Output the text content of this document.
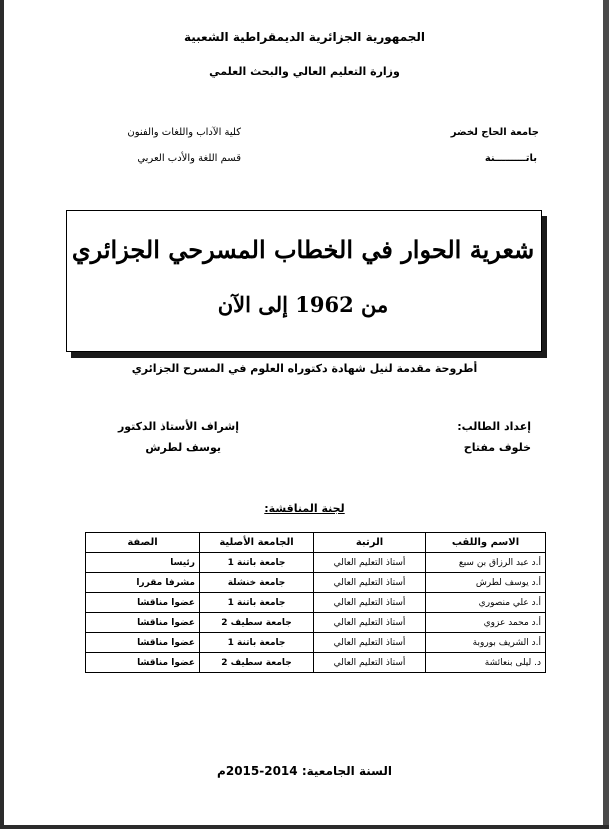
الجمهورية الجزائرية الديمقراطية الشعبية
وزارة التعليم العالي والبحث العلمي
جامعة الحاج لخضر
باتـــــــــنة
كلية الآداب واللغات والفنون
قسم اللغة والأدب العربي
شعرية الحوار في الخطاب المسرحي الجزائري
من 1962 إلى الآن
أطروحة مقدمة لنيل شهادة دكتوراه العلوم في المسرح الجزائري
إعداد الطالب:
خلوف مفتاح
إشراف الأستاذ الدكتور
يوسف لطرش
لجنة المناقشة:
الاسم واللقب	الرتبة	الجامعة الأصلية	الصفة
أ.د عبد الرزاق بن سبع	أستاذ التعليم العالي	جامعة باتنة 1	رئيسا
أ.د يوسف لطرش	أستاذ التعليم العالي	جامعة خنشلة	مشرفا مقررا
أ.د علي منصوري	أستاذ التعليم العالي	جامعة باتنة 1	عضوا مناقشا
أ.د محمد عزوي	أستاذ التعليم العالي	جامعة سطيف 2	عضوا مناقشا
أ.د الشريف بوروبة	أستاذ التعليم العالي	جامعة باتنة 1	عضوا مناقشا
د. ليلى بنعائشة	أستاذ التعليم العالي	جامعة سطيف 2	عضوا مناقشا
السنة الجامعية: 2014-2015م
